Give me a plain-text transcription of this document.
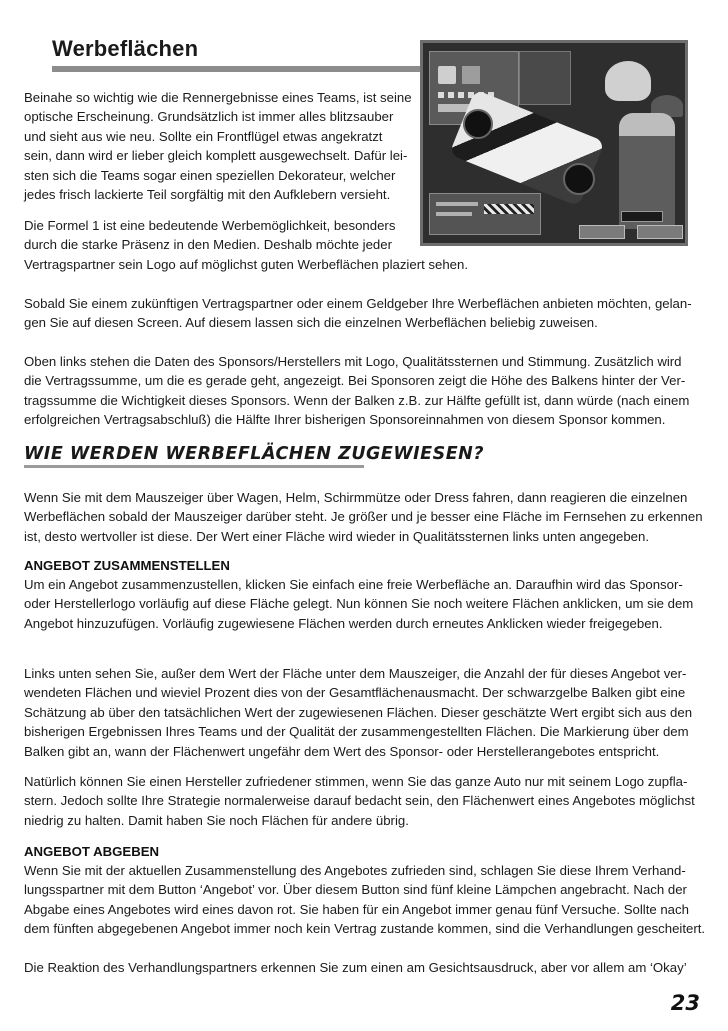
Werbeflächen
Beinahe so wichtig wie die Rennergebnisse eines Teams, ist seine
optische Erscheinung. Grundsätzlich ist immer alles blitzsauber
und sieht aus wie neu. Sollte ein Frontflügel etwas angekratzt
sein, dann wird er lieber gleich komplett ausgewechselt. Dafür lei-
sten sich die Teams sogar einen speziellen Dekorateur, welcher
jedes frisch lackierte Teil sorgfältig mit den Aufklebern versieht.
Die Formel 1 ist eine bedeutende Werbemöglichkeit, besonders
durch die starke Präsenz in den Medien. Deshalb möchte jeder
Vertragspartner sein Logo auf möglichst guten Werbeflächen plaziert sehen.
Sobald Sie einem zukünftigen Vertragspartner oder einem Geldgeber Ihre Werbeflächen anbieten möchten, gelan-
gen Sie auf diesen Screen. Auf diesem lassen sich die einzelnen Werbeflächen beliebig zuweisen.
Oben links stehen die Daten des Sponsors/Herstellers mit Logo, Qualitätssternen und Stimmung. Zusätzlich wird
die Vertragssumme, um die es gerade geht, angezeigt. Bei Sponsoren zeigt die Höhe des Balkens hinter der Ver-
tragssumme die Wichtigkeit dieses Sponsors. Wenn der Balken z.B. zur Hälfte gefüllt ist, dann würde (nach einem
erfolgreichen Vertragsabschluß) die Hälfte Ihrer bisherigen Sponsoreinnahmen von diesem Sponsor kommen.
WIE WERDEN WERBEFLÄCHEN ZUGEWIESEN?
Wenn Sie mit dem Mauszeiger über Wagen, Helm, Schirmmütze oder Dress fahren, dann reagieren die einzelnen
Werbeflächen sobald der Mauszeiger darüber steht. Je größer und je besser eine Fläche im Fernsehen zu erkennen
ist, desto wertvoller ist diese. Der Wert einer Fläche wird wieder in Qualitätssternen links unten angegeben.
ANGEBOT ZUSAMMENSTELLEN
Um ein Angebot zusammenzustellen, klicken Sie einfach eine freie Werbefläche an. Daraufhin wird das Sponsor-
oder Herstellerlogo vorläufig auf diese Fläche gelegt. Nun können Sie noch weitere Flächen anklicken, um sie dem
Angebot hinzuzufügen. Vorläufig zugewiesene Flächen werden durch erneutes Anklicken wieder freigegeben.
Links unten sehen Sie, außer dem Wert der Fläche unter dem Mauszeiger, die Anzahl der für dieses Angebot ver-
wendeten Flächen und wieviel Prozent dies von der Gesamtflächenausmacht. Der schwarzgelbe Balken gibt eine
Schätzung ab über den tatsächlichen Wert der zugewiesenen Flächen. Dieser geschätzte Wert ergibt sich aus den
bisherigen Ergebnissen Ihres Teams und der Qualität der zusammengestellten Flächen. Die Markierung über dem
Balken gibt an, wann der Flächenwert ungefähr dem Wert des Sponsor- oder Herstellerangebotes entspricht.
Natürlich können Sie einen Hersteller zufriedener stimmen, wenn Sie das ganze Auto nur mit seinem Logo zupfla-
stern. Jedoch sollte Ihre Strategie normalerweise darauf bedacht sein, den Flächenwert eines Angebotes möglichst
niedrig zu halten. Damit haben Sie noch Flächen für andere übrig.
ANGEBOT ABGEBEN
Wenn Sie mit der aktuellen Zusammenstellung des Angebotes zufrieden sind, schlagen Sie diese Ihrem Verhand-
lungsspartner mit dem Button ‘Angebot’ vor. Über diesem Button sind fünf kleine Lämpchen angebracht. Nach der
Abgabe eines Angebotes wird eines davon rot. Sie haben für ein Angebot immer genau fünf Versuche. Sollte nach
dem fünften abgegebenen Angebot immer noch kein Vertrag zustande kommen, sind die Verhandlungen gescheitert.
Die Reaktion des Verhandlungspartners erkennen Sie zum einen am Gesichtsausdruck, aber vor allem am ‘Okay’
23
